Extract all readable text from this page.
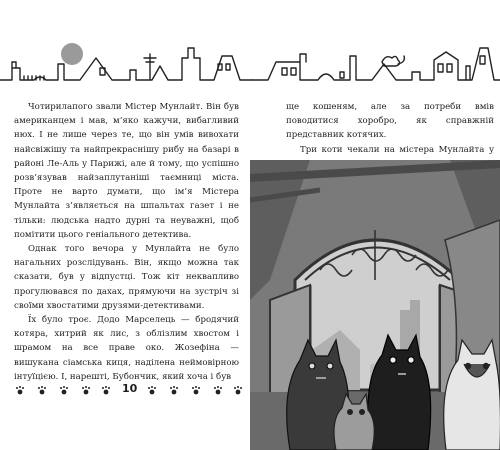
Чотирилапого звали Містер Мунлайт. Він був американцем і мав, м’яко кажучи, вибагливий нюх. І не лише через те, що він умів вивохати найсвіжішу та найпрекраснішу рибу на базарі в районі Ле-Аль у Парижі, але й тому, що успішно розв’язував найзаплутаніші таємниці міста. Проте не варто думати, що ім’я Містера Мунлайта з’являється на шпальтах газет і не тільки: людська надто дурні та неуважні, щоб помітити цього геніального детектива.

Однак того вечора у Мунлайта не було нагальних розслідувань. Він, якщо можна так сказати, був у відпустці. Тож кіт неквапливо прогулювався по дахах, прямуючи на зустріч зі своїми хвостатими друзями-детективами.

Їх було троє. Додо Марселець — бродячий котяра, хитрий як лис, з облізлим хвостом і шрамом на все праве око. Жозефіна — вишукана сіамська киця, наділена неймовірною інтуїцією. І, нарешті, Бубончик, який хоча і був

10

ще кошеням, але за потреби вмів поводитися хоробро, як справжній представник котячих.

Три коти чекали на містера Мунлайта у
